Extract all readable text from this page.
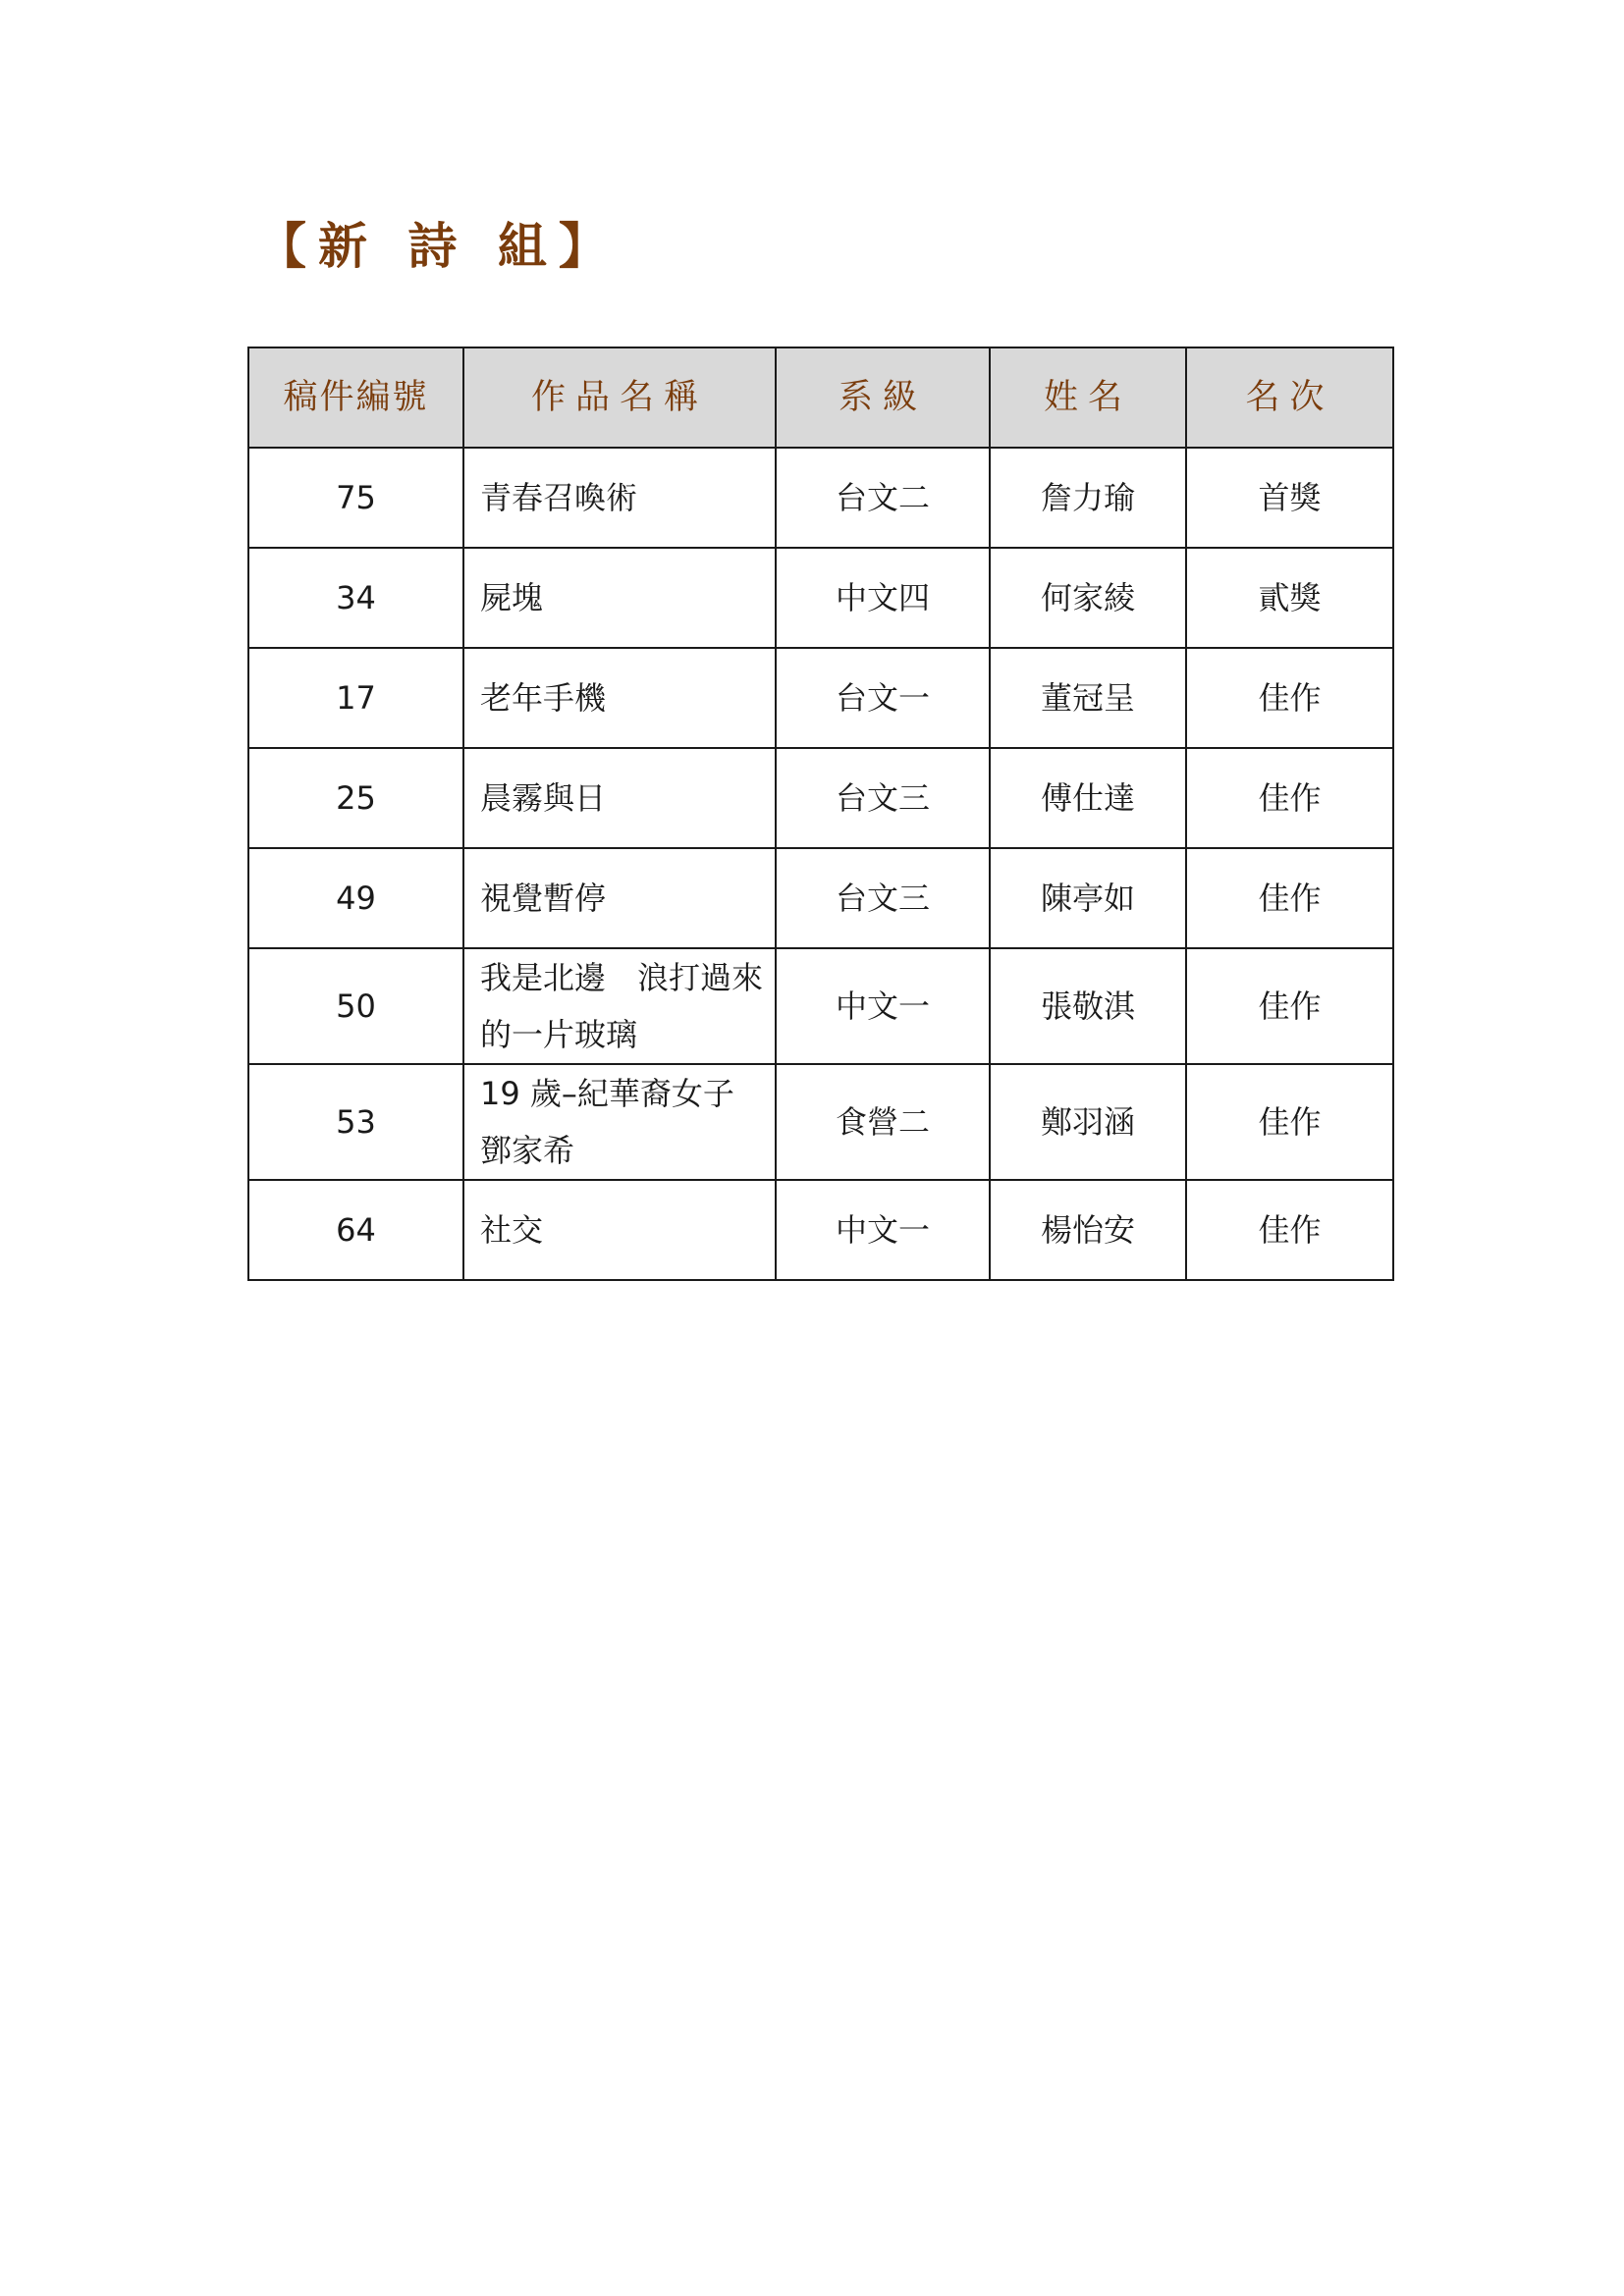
【新 詩 組】
稿件編號	作品名稱	系級	姓名	名次
75	青春召喚術	台文二	詹力瑜	首獎
34	屍塊	中文四	何家綾	貳獎
17	老年手機	台文一	董冠呈	佳作
25	晨霧與日	台文三	傅仕達	佳作
49	視覺暫停	台文三	陳亭如	佳作
50	我是北邊　浪打過來
的一片玻璃	中文一	張敬淇	佳作
53	19 歲–紀華裔女子
鄧家希	食營二	鄭羽涵	佳作
64	社交	中文一	楊怡安	佳作
